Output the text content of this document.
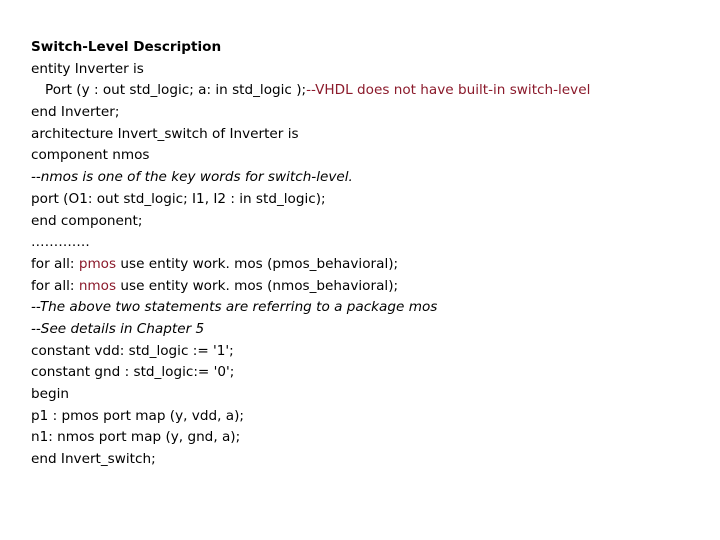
Switch-Level Description
entity Inverter is
Port (y : out std_logic; a: in std_logic );--VHDL does not have built-in switch-level
end Inverter;
architecture Invert_switch of Inverter is
component nmos
--nmos is one of the key words for switch-level.
port (O1: out std_logic; I1, I2 : in std_logic);
end component;
………….
for all: pmos use entity work. mos (pmos_behavioral);
for all: nmos use entity work. mos (nmos_behavioral);
--The above two statements are referring to a package mos
--See details in Chapter 5
constant vdd: std_logic := '1';
constant gnd : std_logic:= '0';
begin
p1 : pmos port map (y, vdd, a);
n1: nmos port map (y, gnd, a);
end Invert_switch;
